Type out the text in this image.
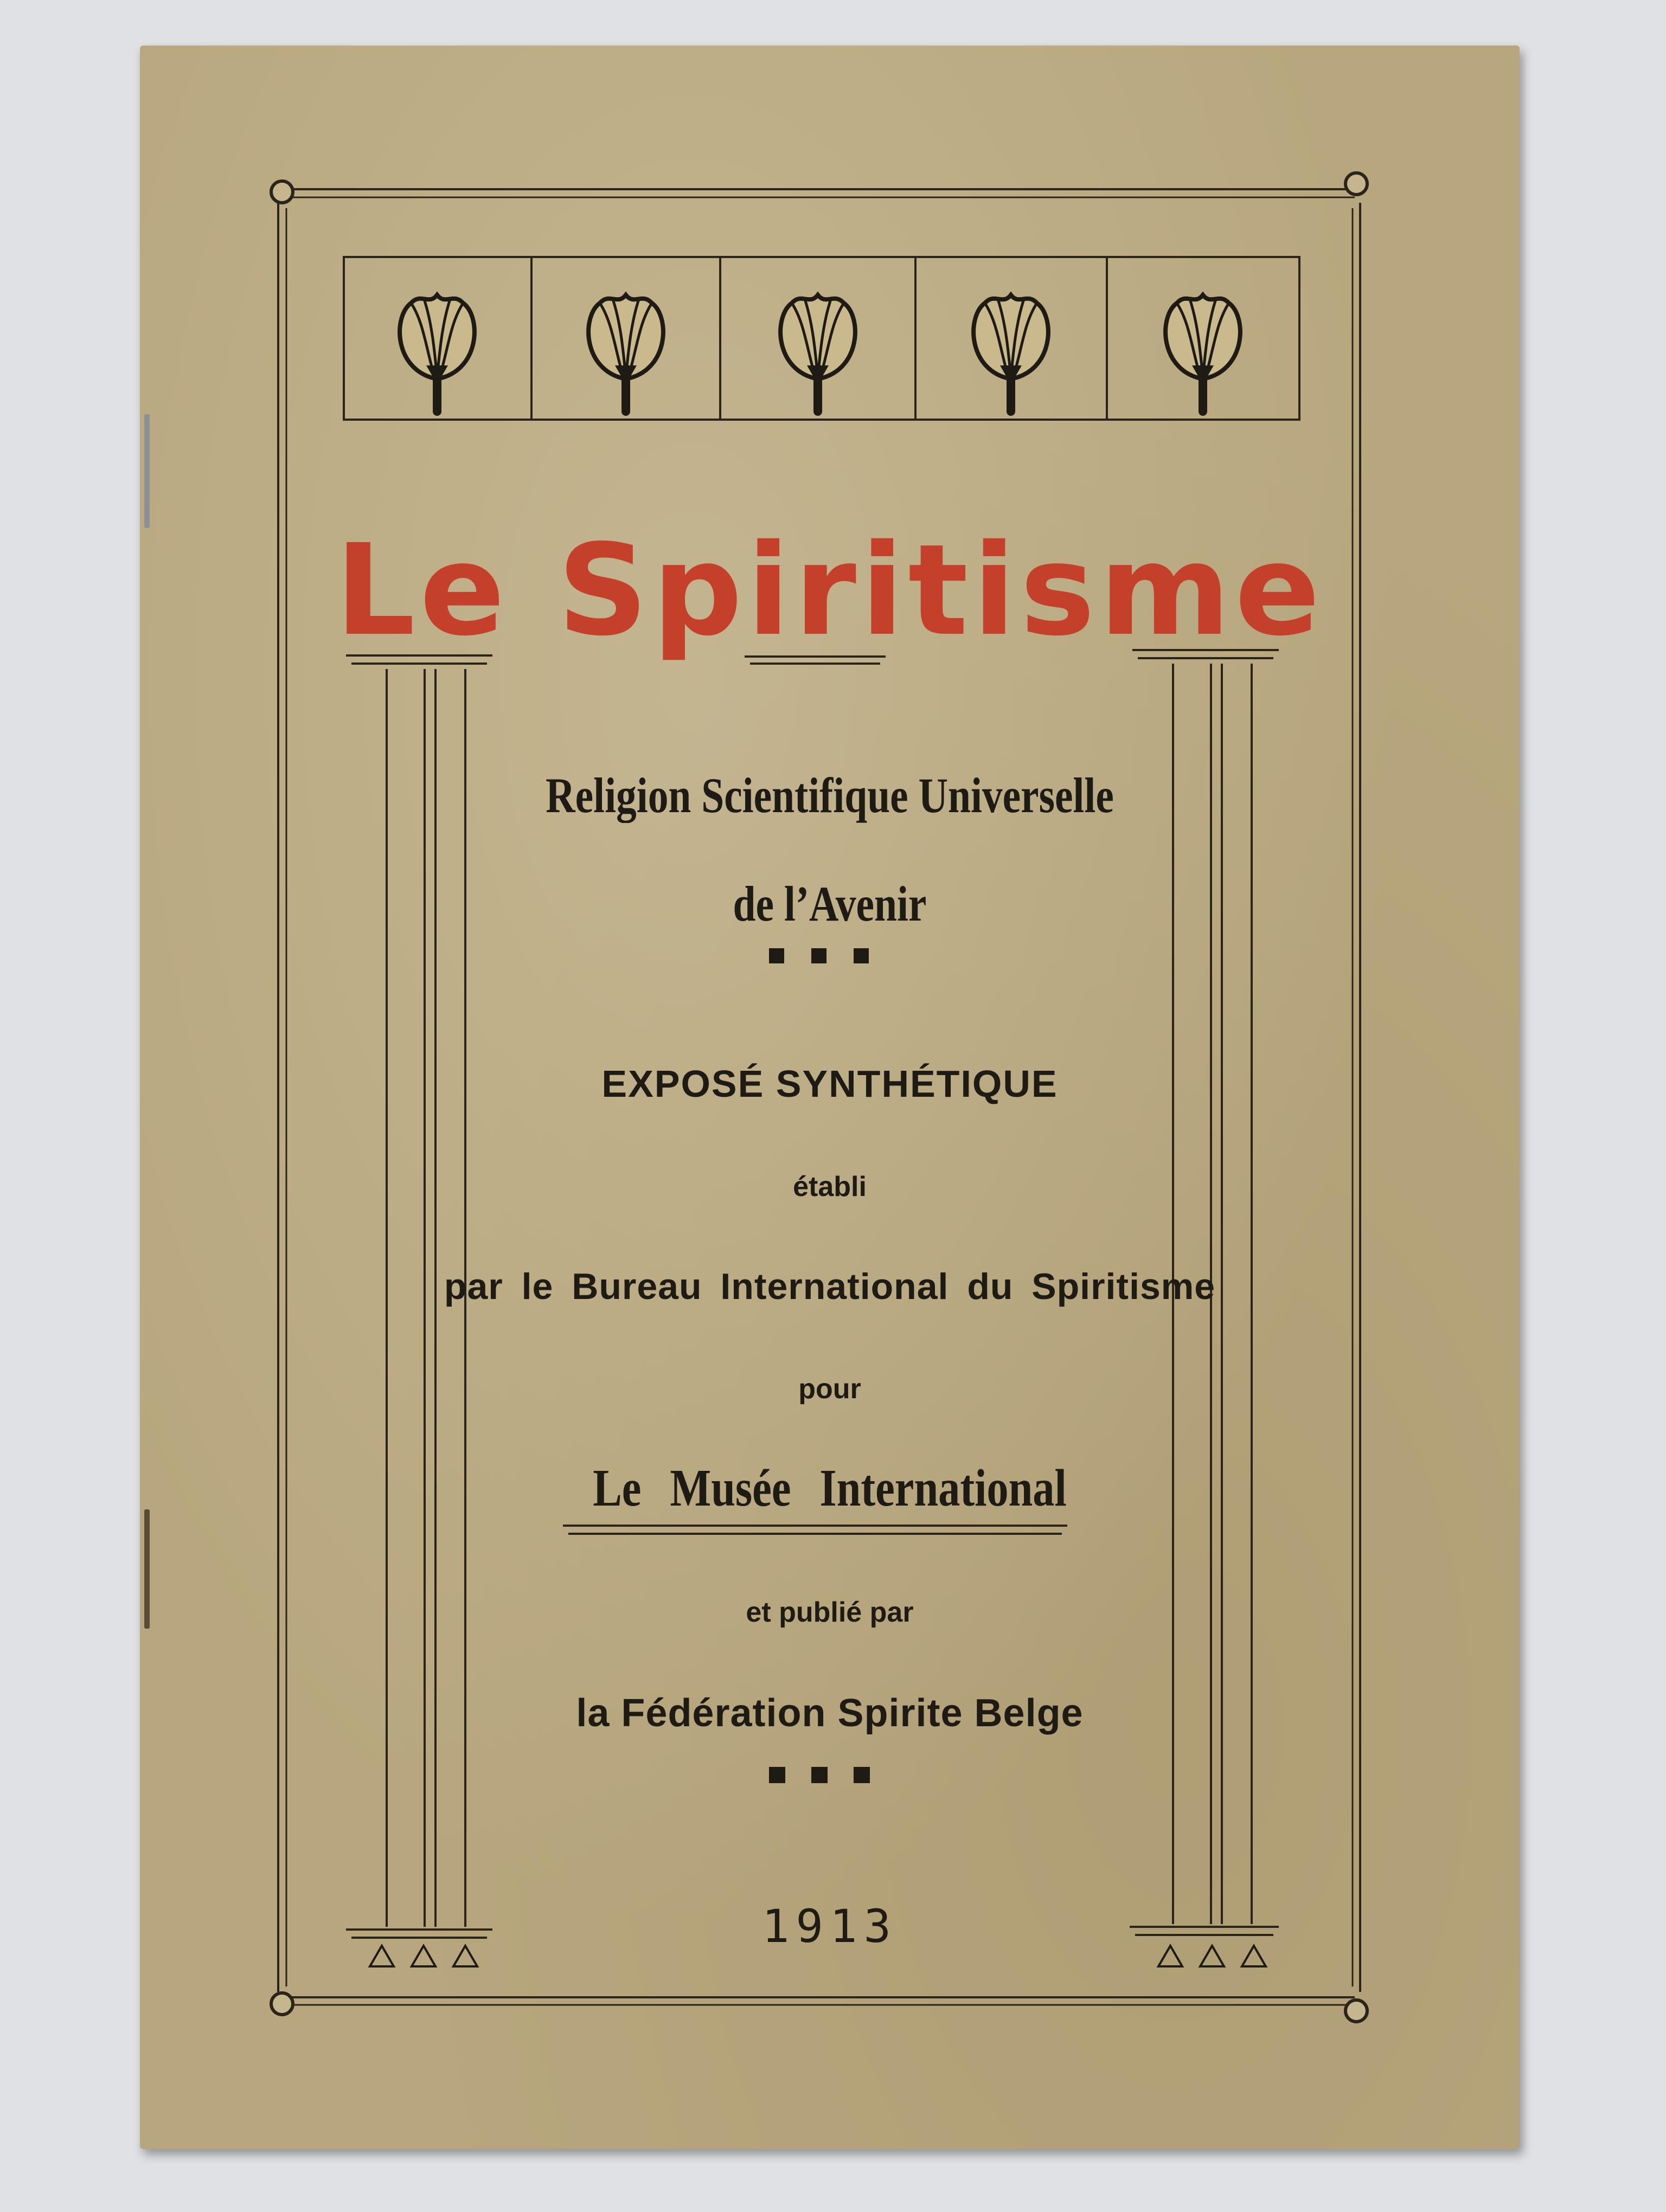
Le Spiritisme
Religion Scientifique Universelle
de l’Avenir
EXPOSÉ SYNTHÉTIQUE
établi
par le Bureau International du Spiritisme
pour
Le Musée International
et publié par
la Fédération Spirite Belge
1913
